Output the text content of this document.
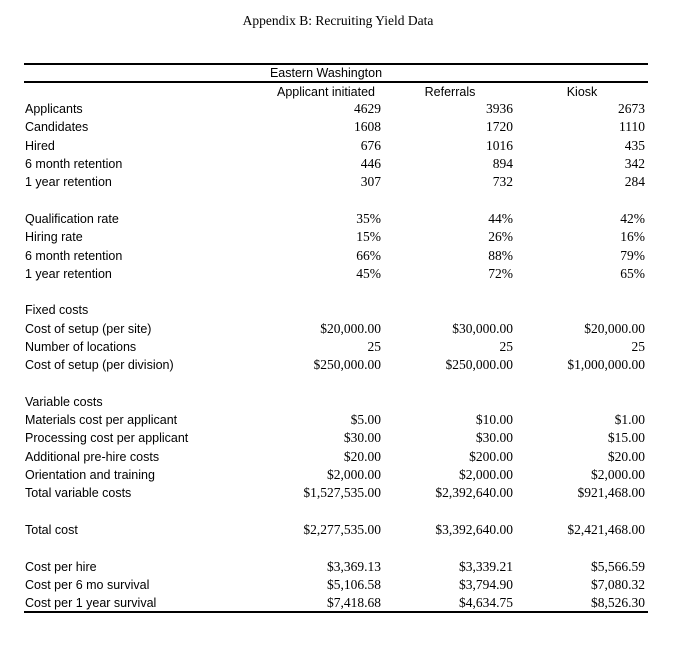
Appendix B: Recruiting Yield Data
	Eastern Washington		
	Applicant initiated	Referrals	Kiosk
Applicants	4629	3936	2673
Candidates	1608	1720	1110
Hired	676	1016	435
6 month retention	446	894	342
1 year retention	307	732	284

Qualification rate	35%	44%	42%
Hiring rate	15%	26%	16%
6 month retention	66%	88%	79%
1 year retention	45%	72%	65%

Fixed costs			
Cost of setup (per site)	$20,000.00	$30,000.00	$20,000.00
Number of locations	25	25	25
Cost of setup (per division)	$250,000.00	$250,000.00	$1,000,000.00

Variable costs			
Materials cost per applicant	$5.00	$10.00	$1.00
Processing cost per applicant	$30.00	$30.00	$15.00
Additional pre-hire costs	$20.00	$200.00	$20.00
Orientation and training	$2,000.00	$2,000.00	$2,000.00
Total variable costs	$1,527,535.00	$2,392,640.00	$921,468.00

Total cost	$2,277,535.00	$3,392,640.00	$2,421,468.00

Cost per hire	$3,369.13	$3,339.21	$5,566.59
Cost per 6 mo survival	$5,106.58	$3,794.90	$7,080.32
Cost per 1 year survival	$7,418.68	$4,634.75	$8,526.30
